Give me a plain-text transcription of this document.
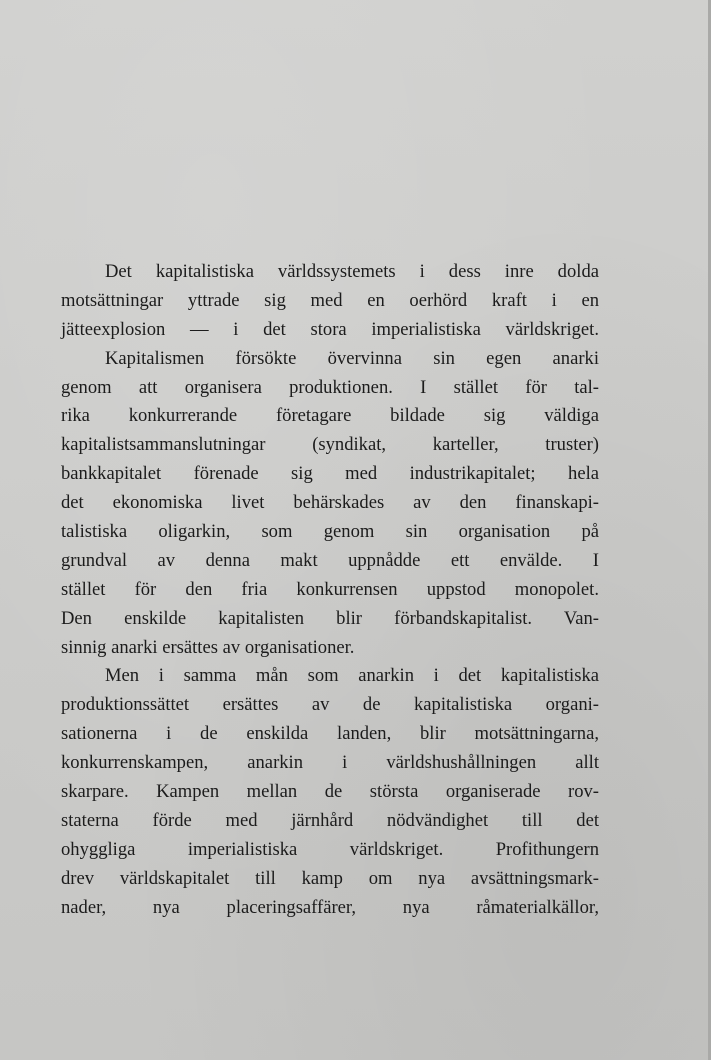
Det kapitalistiska världssystemets i dess inre dolda
motsättningar yttrade sig med en oerhörd kraft i en
jätteexplosion — i det stora imperialistiska världskriget.
Kapitalismen försökte övervinna sin egen anarki
genom att organisera produktionen. I stället för tal-
rika konkurrerande företagare bildade sig väldiga
kapitalistsammanslutningar (syndikat, karteller, truster)
bankkapitalet förenade sig med industrikapitalet; hela
det ekonomiska livet behärskades av den finanskapi-
talistiska oligarkin, som genom sin organisation på
grundval av denna makt uppnådde ett envälde. I
stället för den fria konkurrensen uppstod monopolet.
Den enskilde kapitalisten blir förbandskapitalist. Van-
sinnig anarki ersättes av organisationer.
Men i samma mån som anarkin i det kapitalistiska
produktionssättet ersättes av de kapitalistiska organi-
sationerna i de enskilda landen, blir motsättningarna,
konkurrenskampen, anarkin i världshushållningen allt
skarpare. Kampen mellan de största organiserade rov-
staterna förde med järnhård nödvändighet till det
ohyggliga imperialistiska världskriget. Profithungern
drev världskapitalet till kamp om nya avsättningsmark-
nader, nya placeringsaffärer, nya råmaterialkällor,
